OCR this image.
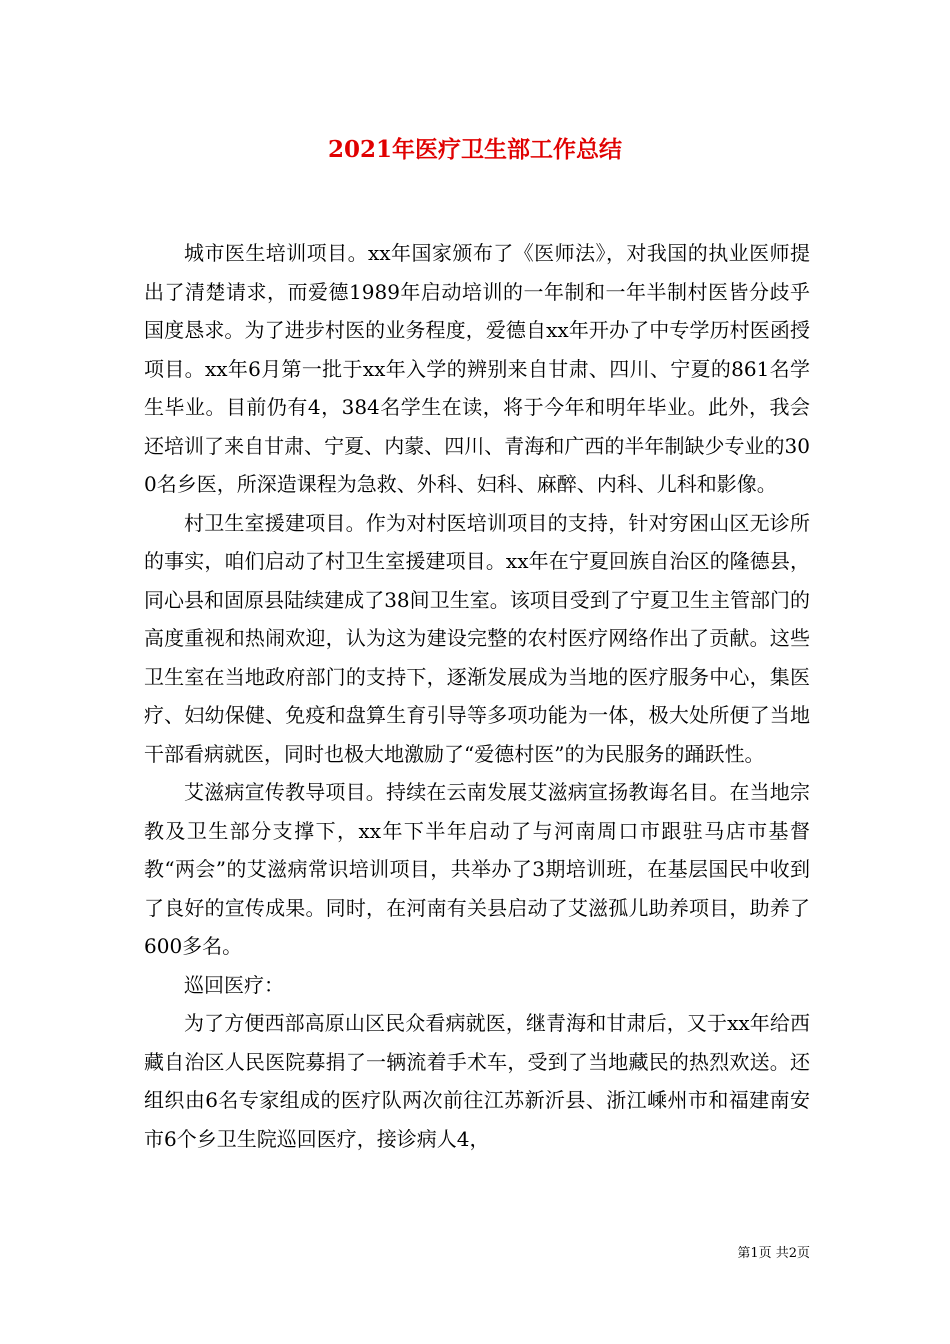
2021年医疗卫生部工作总结

城市医生培训项目。xx年国家颁布了《医师法》，对我国的执业医师提出了清楚请求，而爱德1989年启动培训的一年制和一年半制村医皆分歧乎国度恳求。为了进步村医的业务程度，爱德自xx年开办了中专学历村医函授项目。xx年6月第一批于xx年入学的辨别来自甘肃、四川、宁夏的861名学生毕业。目前仍有4，384名学生在读，将于今年和明年毕业。此外，我会还培训了来自甘肃、宁夏、内蒙、四川、青海和广西的半年制缺少专业的300名乡医，所深造课程为急救、外科、妇科、麻醉、内科、儿科和影像。

村卫生室援建项目。作为对村医培训项目的支持，针对穷困山区无诊所的事实，咱们启动了村卫生室援建项目。xx年在宁夏回族自治区的隆德县，同心县和固原县陆续建成了38间卫生室。该项目受到了宁夏卫生主管部门的高度重视和热闹欢迎，认为这为建设完整的农村医疗网络作出了贡献。这些卫生室在当地政府部门的支持下，逐渐发展成为当地的医疗服务中心，集医疗、妇幼保健、免疫和盘算生育引导等多项功能为一体，极大处所便了当地干部看病就医，同时也极大地激励了“爱德村医”的为民服务的踊跃性。

艾滋病宣传教导项目。持续在云南发展艾滋病宣扬教诲名目。在当地宗教及卫生部分支撑下，xx年下半年启动了与河南周口市跟驻马店市基督教“两会”的艾滋病常识培训项目，共举办了3期培训班，在基层国民中收到了良好的宣传成果。同时，在河南有关县启动了艾滋孤儿助养项目，助养了600多名。

巡回医疗：

为了方便西部高原山区民众看病就医，继青海和甘肃后，又于xx年给西藏自治区人民医院募捐了一辆流着手术车，受到了当地藏民的热烈欢送。还组织由6名专家组成的医疗队两次前往江苏新沂县、浙江嵊州市和福建南安市6个乡卫生院巡回医疗，接诊病人4，

第1页 共2页
